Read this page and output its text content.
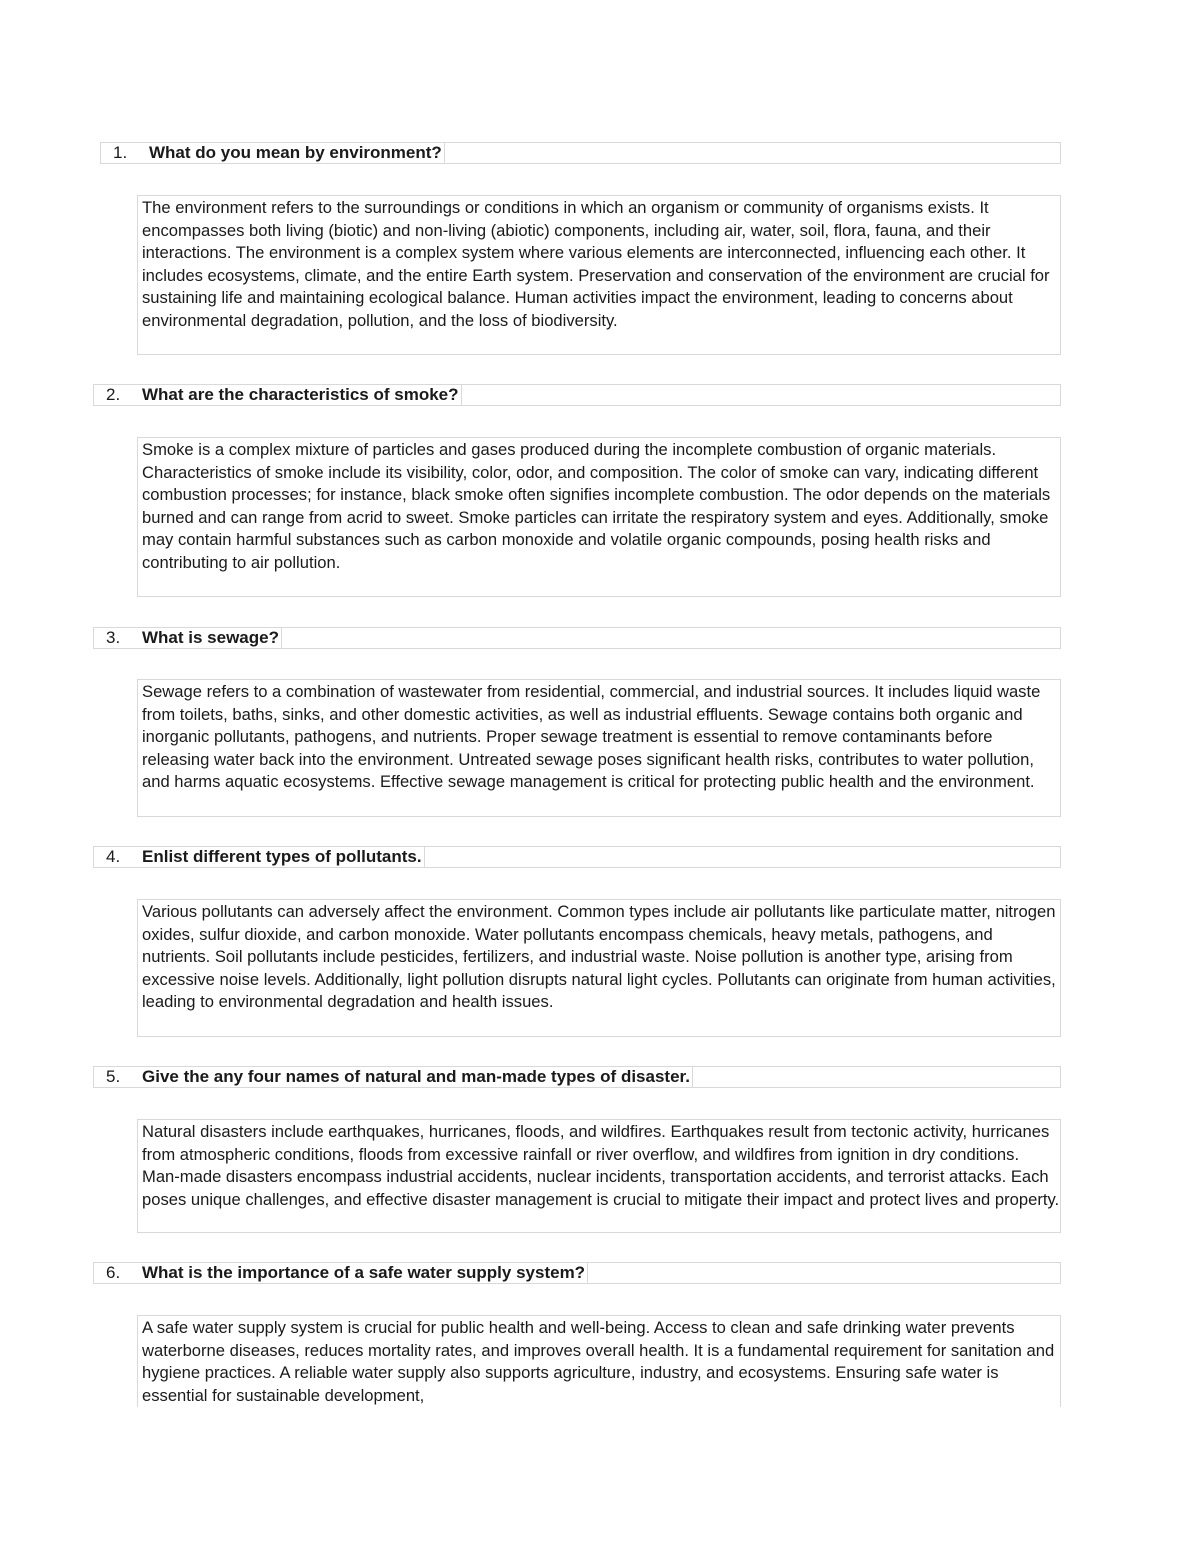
1. What do you mean by environment?
The environment refers to the surroundings or conditions in which an organism or community of organisms exists. It encompasses both living (biotic) and non-living (abiotic) components, including air, water, soil, flora, fauna, and their interactions. The environment is a complex system where various elements are interconnected, influencing each other. It includes ecosystems, climate, and the entire Earth system. Preservation and conservation of the environment are crucial for sustaining life and maintaining ecological balance. Human activities impact the environment, leading to concerns about environmental degradation, pollution, and the loss of biodiversity.
2. What are the characteristics of smoke?
Smoke is a complex mixture of particles and gases produced during the incomplete combustion of organic materials. Characteristics of smoke include its visibility, color, odor, and composition. The color of smoke can vary, indicating different combustion processes; for instance, black smoke often signifies incomplete combustion. The odor depends on the materials burned and can range from acrid to sweet. Smoke particles can irritate the respiratory system and eyes. Additionally, smoke may contain harmful substances such as carbon monoxide and volatile organic compounds, posing health risks and contributing to air pollution.
3. What is sewage?
Sewage refers to a combination of wastewater from residential, commercial, and industrial sources. It includes liquid waste from toilets, baths, sinks, and other domestic activities, as well as industrial effluents. Sewage contains both organic and inorganic pollutants, pathogens, and nutrients. Proper sewage treatment is essential to remove contaminants before releasing water back into the environment. Untreated sewage poses significant health risks, contributes to water pollution, and harms aquatic ecosystems. Effective sewage management is critical for protecting public health and the environment.
4. Enlist different types of pollutants.
Various pollutants can adversely affect the environment. Common types include air pollutants like particulate matter, nitrogen oxides, sulfur dioxide, and carbon monoxide. Water pollutants encompass chemicals, heavy metals, pathogens, and nutrients. Soil pollutants include pesticides, fertilizers, and industrial waste. Noise pollution is another type, arising from excessive noise levels. Additionally, light pollution disrupts natural light cycles. Pollutants can originate from human activities, leading to environmental degradation and health issues.
5. Give the any four names of natural and man-made types of disaster.
Natural disasters include earthquakes, hurricanes, floods, and wildfires. Earthquakes result from tectonic activity, hurricanes from atmospheric conditions, floods from excessive rainfall or river overflow, and wildfires from ignition in dry conditions. Man-made disasters encompass industrial accidents, nuclear incidents, transportation accidents, and terrorist attacks. Each poses unique challenges, and effective disaster management is crucial to mitigate their impact and protect lives and property.
6. What is the importance of a safe water supply system?
A safe water supply system is crucial for public health and well-being. Access to clean and safe drinking water prevents waterborne diseases, reduces mortality rates, and improves overall health. It is a fundamental requirement for sanitation and hygiene practices. A reliable water supply also supports agriculture, industry, and ecosystems. Ensuring safe water is essential for sustainable development,
